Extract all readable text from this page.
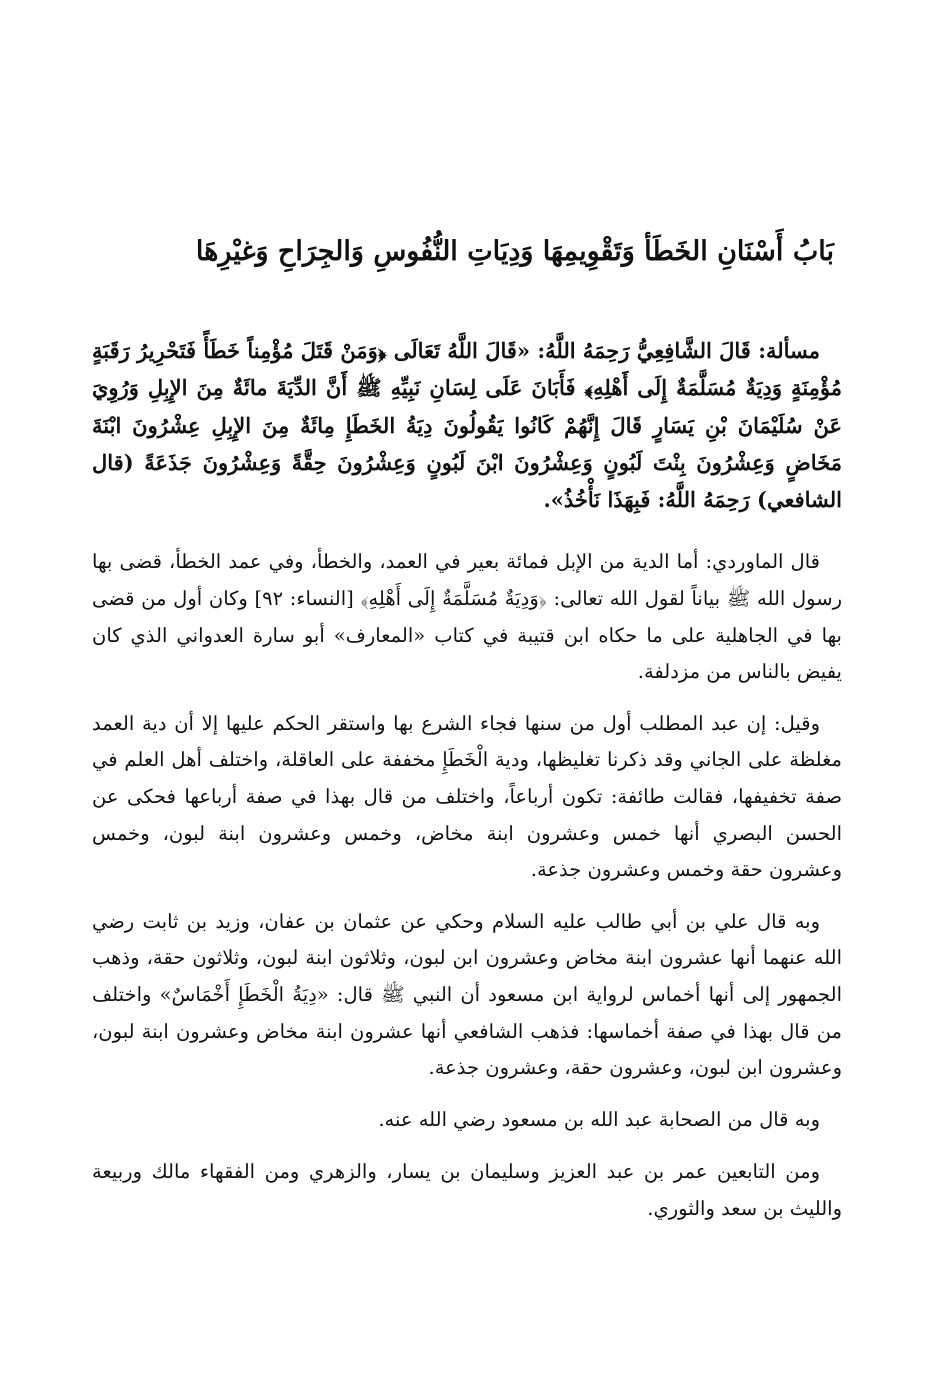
بَابُ أَسْنَانِ الخَطَأ وَتَقْوِيمِهَا وَدِيَاتِ النُّفُوسِ وَالجِرَاحِ وَغيْرِهَا

مسألة: قَالَ الشَّافِعِيُّ رَحِمَهُ اللَّهُ: «قَالَ اللَّهُ تَعَالَى ﴿وَمَنْ قَتَلَ مُؤْمِناً خَطَأً فَتَحْرِيرُ رَقَبَةٍ مُؤْمِنَةٍ وَدِيَةٌ مُسَلَّمَةٌ إِلَى أَهْلِهِ﴾ فَأَبَانَ عَلَى لِسَانِ نَبِيِّهِ ﷺ أَنَّ الدِّيَةَ مائَةٌ مِنَ الإِبِلِ وَرُوِيَ عَنْ سُلَيْمَانَ بْنِ يَسَارٍ قَالَ إِنَّهُمْ كَانُوا يَقُولُونَ دِيَةُ الخَطَإِ مِائَةٌ مِنَ الإِبِلِ عِشْرُونَ ابْنَةَ مَخَاضٍ وَعِشْرُونَ بِنْتَ لَبُونٍ وَعِشْرُونَ ابْنَ لَبُونٍ وَعِشْرُونَ حِقَّةً وَعِشْرُونَ جَذَعَةً (قال الشافعي) رَحِمَهُ اللَّهُ: فَبِهَذَا نَأْخُذُ».

قال الماوردي: أما الدية من الإبل فمائة بعير في العمد، والخطأ، وفي عمد الخطأ، قضى بها رسول الله ﷺ بياناً لقول الله تعالى: ﴿وَدِيَةٌ مُسَلَّمَةٌ إِلَى أَهْلِهِ﴾ [النساء: ٩٢] وكان أول من قضى بها في الجاهلية على ما حكاه ابن قتيبة في كتاب «المعارف» أبو سارة العدواني الذي كان يفيض بالناس من مزدلفة.

وقيل: إن عبد المطلب أول من سنها فجاء الشرع بها واستقر الحكم عليها إلا أن دية العمد مغلظة على الجاني وقد ذكرنا تغليظها، ودية الْخَطَإِ مخففة على العاقلة، واختلف أهل العلم في صفة تخفيفها، فقالت طائفة: تكون أرباعاً، واختلف من قال بهذا في صفة أرباعها فحكى عن الحسن البصري أنها خمس وعشرون ابنة مخاض، وخمس وعشرون ابنة لبون، وخمس وعشرون حقة وخمس وعشرون جذعة.

وبه قال علي بن أبي طالب عليه السلام وحكي عن عثمان بن عفان، وزيد بن ثابت رضي الله عنهما أنها عشرون ابنة مخاض وعشرون ابن لبون، وثلاثون ابنة لبون، وثلاثون حقة، وذهب الجمهور إلى أنها أخماس لرواية ابن مسعود أن النبي ﷺ قال: «دِيَةُ الْخَطَإِ أَخْمَاسٌ» واختلف من قال بهذا في صفة أخماسها: فذهب الشافعي أنها عشرون ابنة مخاض وعشرون ابنة لبون، وعشرون ابن لبون، وعشرون حقة، وعشرون جذعة.

وبه قال من الصحابة عبد الله بن مسعود رضي الله عنه.

ومن التابعين عمر بن عبد العزيز وسليمان بن يسار، والزهري ومن الفقهاء مالك وربيعة والليث بن سعد والثوري.
